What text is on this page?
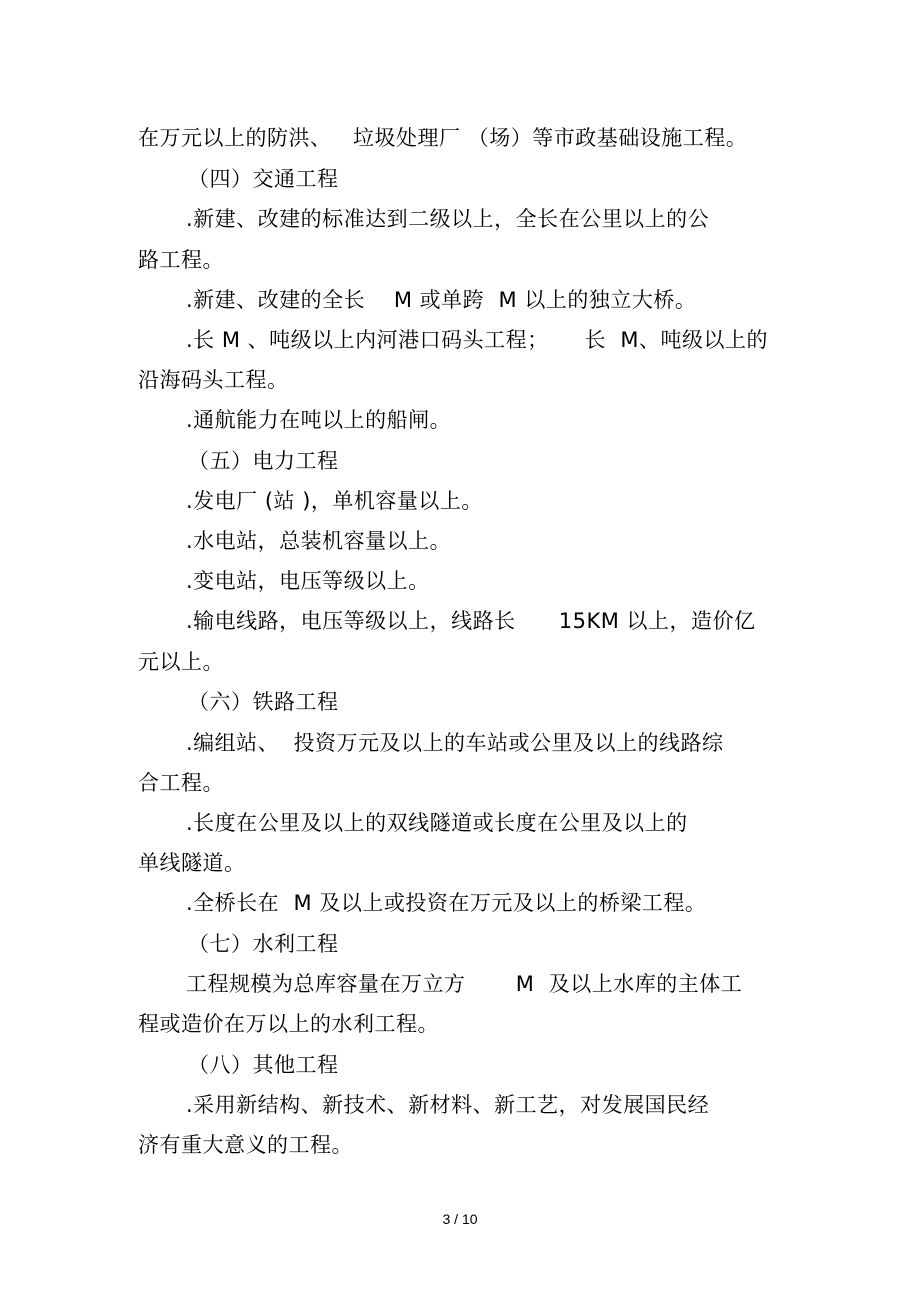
在万元以上的防洪、   垃圾处理厂 （场）等市政基础设施工程。
（四）交通工程
.新建、改建的标准达到二级以上，全长在公里以上的公
路工程。
.新建、改建的全长    M 或单跨  M 以上的独立大桥。
.长 M 、吨级以上内河港口码头工程；     长  M、吨级以上的
沿海码头工程。
.通航能力在吨以上的船闸。
（五）电力工程
.发电厂 (站 )，单机容量以上。
.水电站，总装机容量以上。
.变电站，电压等级以上。
.输电线路，电压等级以上，线路长      15KM 以上，造价亿
元以上。
（六）铁路工程
.编组站、  投资万元及以上的车站或公里及以上的线路综
合工程。
.长度在公里及以上的双线隧道或长度在公里及以上的
单线隧道。
.全桥长在  M 及以上或投资在万元及以上的桥梁工程。
（七）水利工程
工程规模为总库容量在万立方       M  及以上水库的主体工
程或造价在万以上的水利工程。
（八）其他工程
.采用新结构、新技术、新材料、新工艺，对发展国民经
济有重大意义的工程。
3 / 10
